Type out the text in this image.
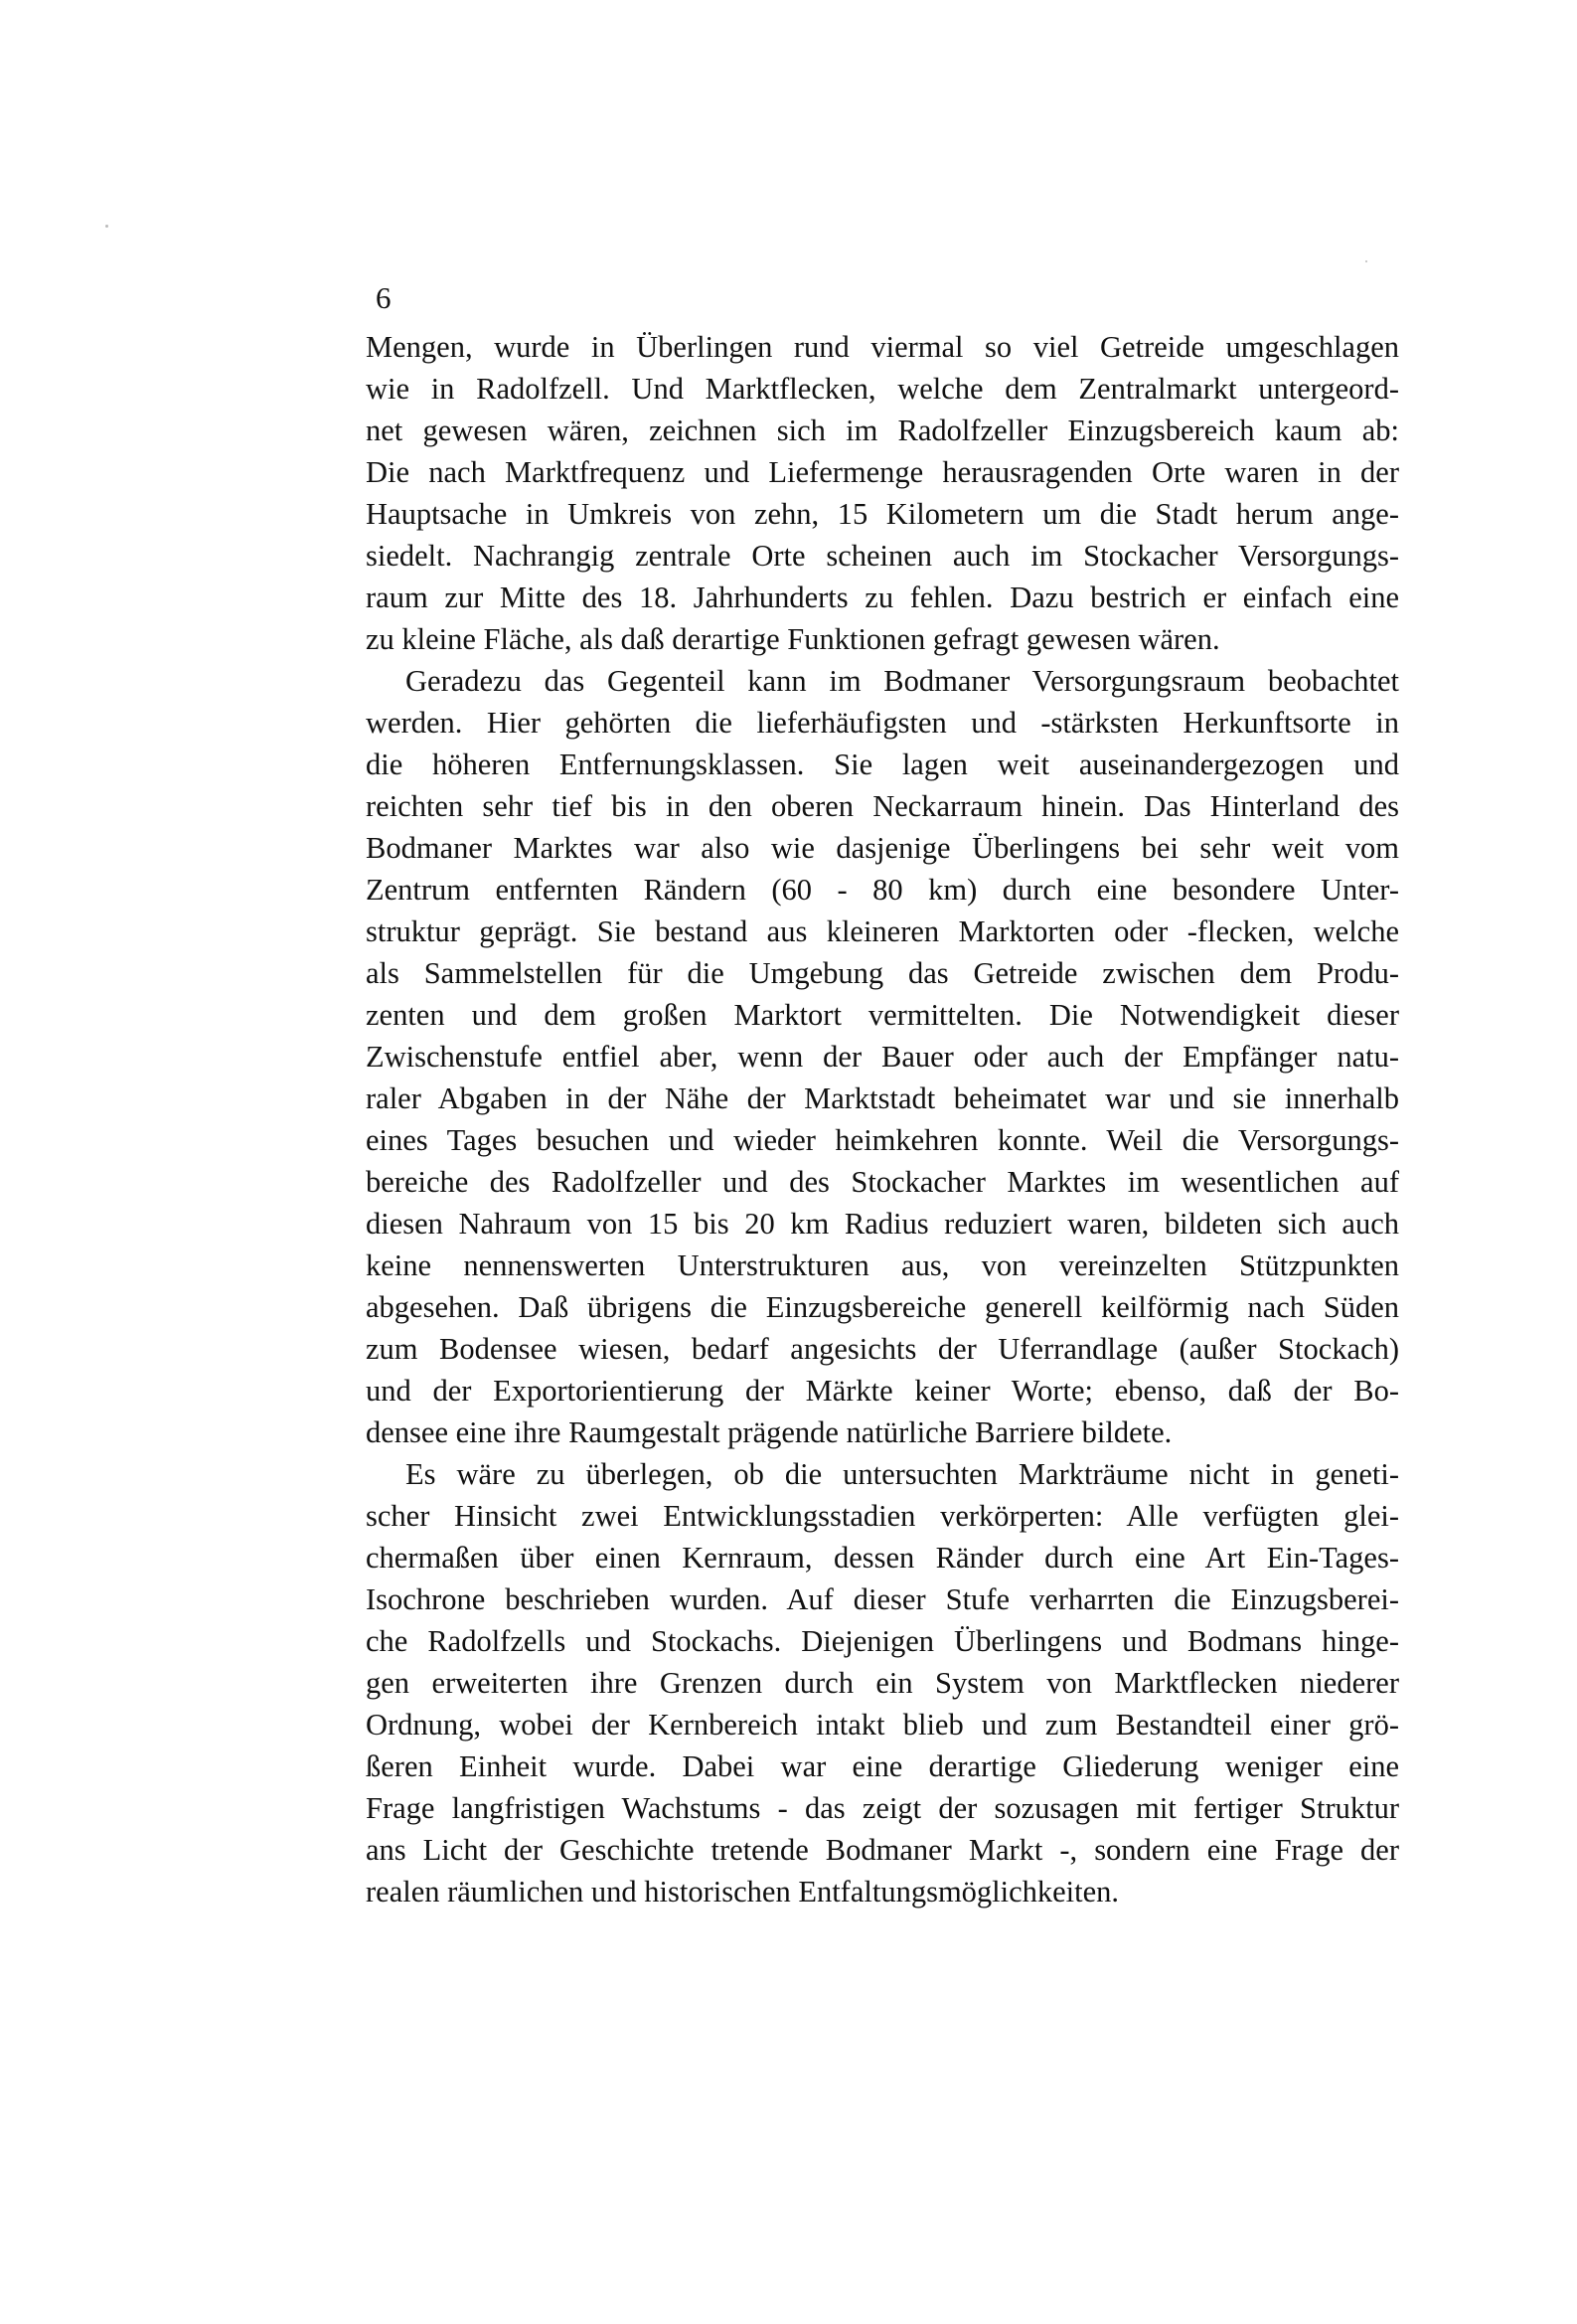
6

Mengen, wurde in Überlingen rund viermal so viel Getreide umgeschlagen
wie in Radolfzell. Und Marktflecken, welche dem Zentralmarkt untergeord-
net gewesen wären, zeichnen sich im Radolfzeller Einzugsbereich kaum ab:
Die nach Marktfrequenz und Liefermenge herausragenden Orte waren in der
Hauptsache in Umkreis von zehn, 15 Kilometern um die Stadt herum ange-
siedelt. Nachrangig zentrale Orte scheinen auch im Stockacher Versorgungs-
raum zur Mitte des 18. Jahrhunderts zu fehlen. Dazu bestrich er einfach eine
zu kleine Fläche, als daß derartige Funktionen gefragt gewesen wären.

Geradezu das Gegenteil kann im Bodmaner Versorgungsraum beobachtet
werden. Hier gehörten die lieferhäufigsten und -stärksten Herkunftsorte in
die höheren Entfernungsklassen. Sie lagen weit auseinandergezogen und
reichten sehr tief bis in den oberen Neckarraum hinein. Das Hinterland des
Bodmaner Marktes war also wie dasjenige Überlingens bei sehr weit vom
Zentrum entfernten Rändern (60 - 80 km) durch eine besondere Unter-
struktur geprägt. Sie bestand aus kleineren Marktorten oder -flecken, welche
als Sammelstellen für die Umgebung das Getreide zwischen dem Produ-
zenten und dem großen Marktort vermittelten. Die Notwendigkeit dieser
Zwischenstufe entfiel aber, wenn der Bauer oder auch der Empfänger natu-
raler Abgaben in der Nähe der Marktstadt beheimatet war und sie innerhalb
eines Tages besuchen und wieder heimkehren konnte. Weil die Versorgungs-
bereiche des Radolfzeller und des Stockacher Marktes im wesentlichen auf
diesen Nahraum von 15 bis 20 km Radius reduziert waren, bildeten sich auch
keine nennenswerten Unterstrukturen aus, von vereinzelten Stützpunkten
abgesehen. Daß übrigens die Einzugsbereiche generell keilförmig nach Süden
zum Bodensee wiesen, bedarf angesichts der Uferrandlage (außer Stockach)
und der Exportorientierung der Märkte keiner Worte; ebenso, daß der Bo-
densee eine ihre Raumgestalt prägende natürliche Barriere bildete.

Es wäre zu überlegen, ob die untersuchten Markträume nicht in geneti-
scher Hinsicht zwei Entwicklungsstadien verkörperten: Alle verfügten glei-
chermaßen über einen Kernraum, dessen Ränder durch eine Art Ein-Tages-
Isochrone beschrieben wurden. Auf dieser Stufe verharrten die Einzugsberei-
che Radolfzells und Stockachs. Diejenigen Überlingens und Bodmans hinge-
gen erweiterten ihre Grenzen durch ein System von Marktflecken niederer
Ordnung, wobei der Kernbereich intakt blieb und zum Bestandteil einer grö-
ßeren Einheit wurde. Dabei war eine derartige Gliederung weniger eine
Frage langfristigen Wachstums - das zeigt der sozusagen mit fertiger Struktur
ans Licht der Geschichte tretende Bodmaner Markt -, sondern eine Frage der
realen räumlichen und historischen Entfaltungsmöglichkeiten.
